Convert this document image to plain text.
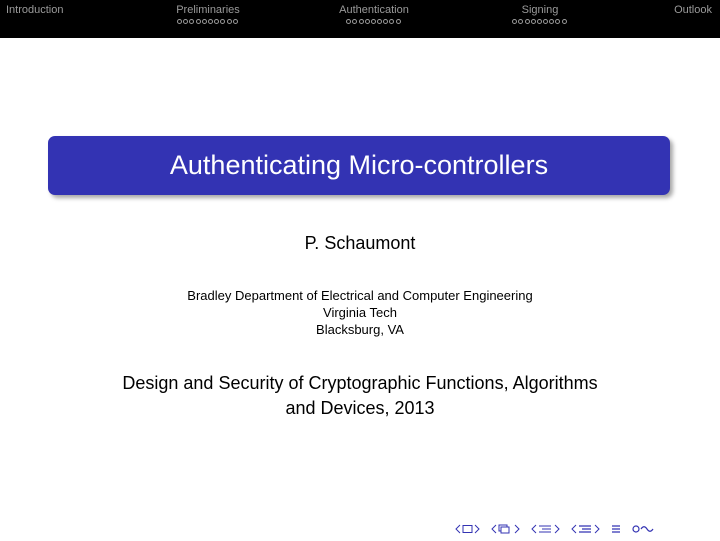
Introduction	Preliminaries	Authentication	Signing	Outlook
Authenticating Micro-controllers
P. Schaumont
Bradley Department of Electrical and Computer Engineering
Virginia Tech
Blacksburg, VA
Design and Security of Cryptographic Functions, Algorithms
and Devices, 2013
